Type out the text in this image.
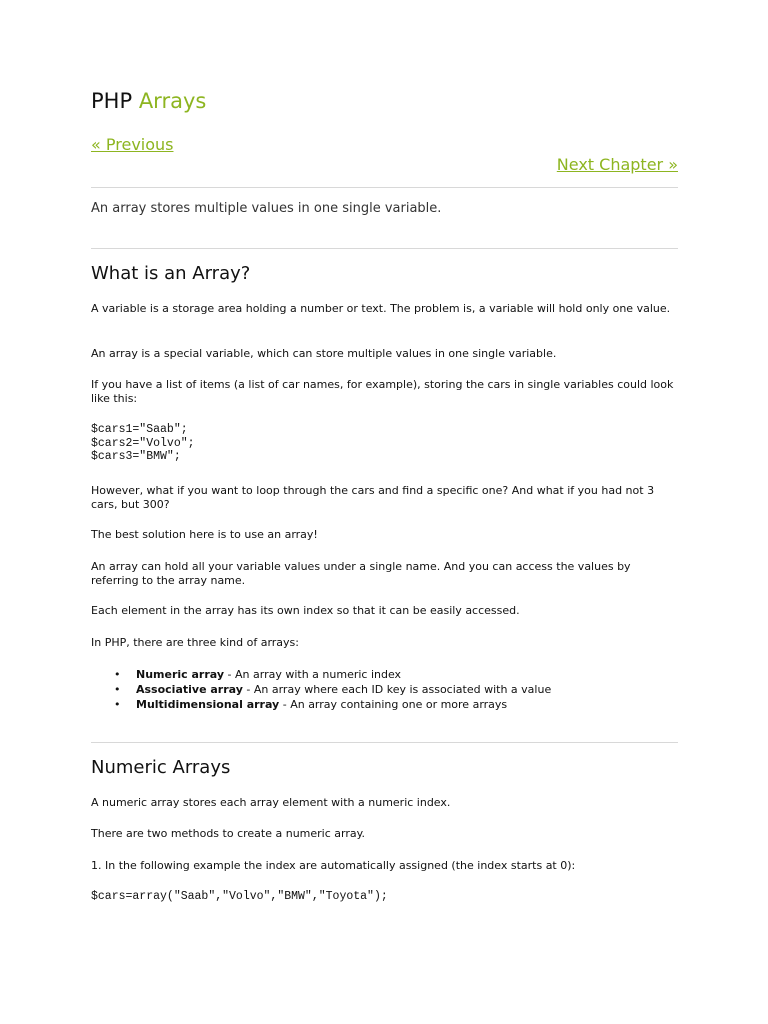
PHP Arrays
« Previous
Next Chapter »
An array stores multiple values in one single variable.
What is an Array?

A variable is a storage area holding a number or text. The problem is, a variable will hold only one value.

An array is a special variable, which can store multiple values in one single variable.

If you have a list of items (a list of car names, for example), storing the cars in single variables could look like this:

$cars1="Saab";
$cars2="Volvo";
$cars3="BMW";

However, what if you want to loop through the cars and find a specific one? And what if you had not 3 cars, but 300?

The best solution here is to use an array!

An array can hold all your variable values under a single name. And you can access the values by referring to the array name.

Each element in the array has its own index so that it can be easily accessed.

In PHP, there are three kind of arrays:

• Numeric array - An array with a numeric index
• Associative array - An array where each ID key is associated with a value
• Multidimensional array - An array containing one or more arrays
Numeric Arrays

A numeric array stores each array element with a numeric index.

There are two methods to create a numeric array.

1. In the following example the index are automatically assigned (the index starts at 0):

$cars=array("Saab","Volvo","BMW","Toyota");
